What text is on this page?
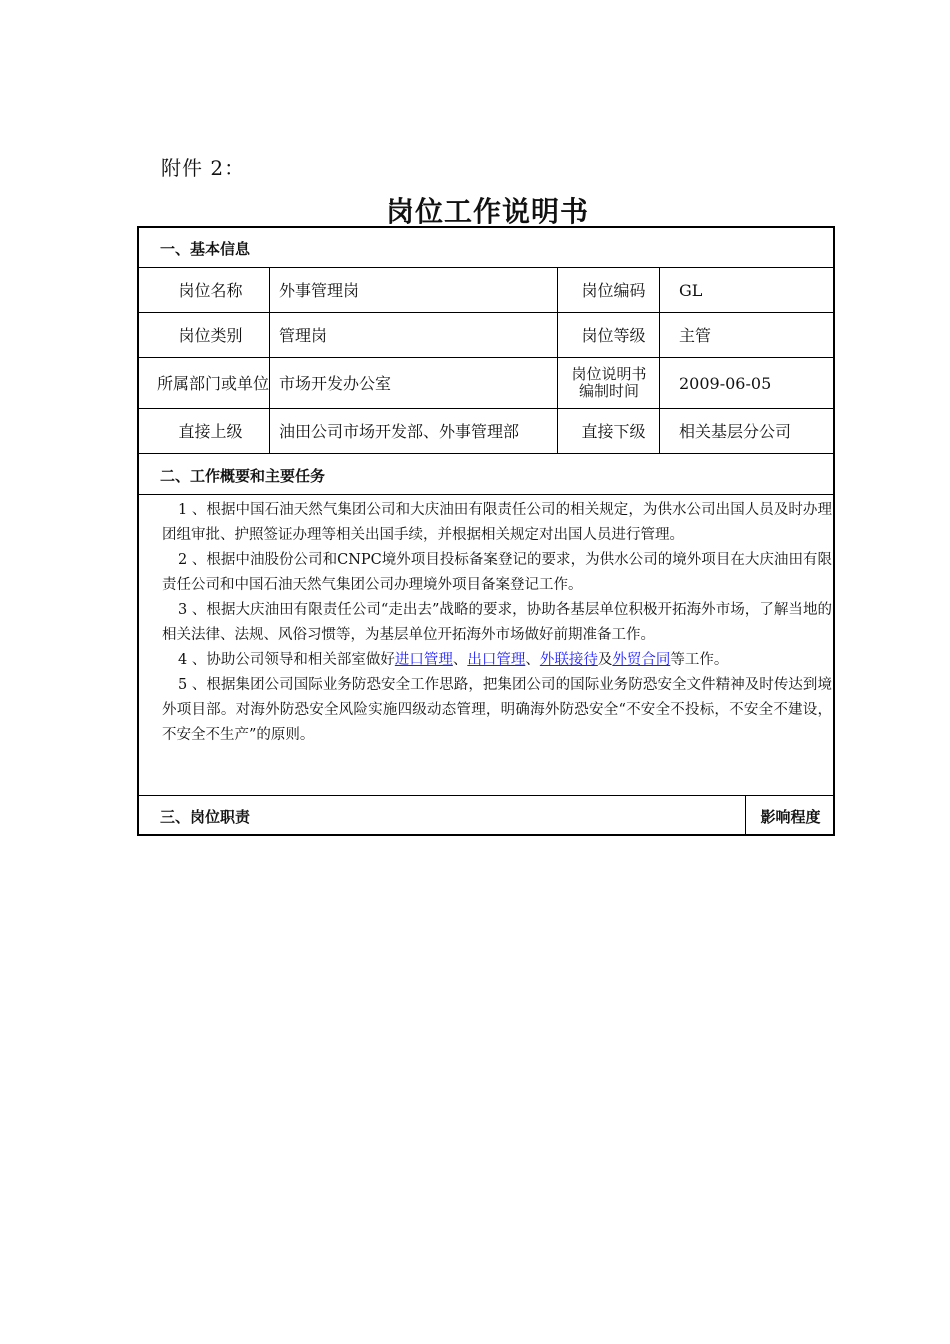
附件 2：
岗位工作说明书
一、基本信息
岗位名称	外事管理岗	岗位编码	GL
岗位类别	管理岗	岗位等级	主管
所属部门或单位 市场开发办公室	岗位说明书编制时间	2009-06-05
直接上级	油田公司市场开发部、外事管理部	直接下级	相关基层分公司
二、工作概要和主要任务

1 、根据中国石油天然气集团公司和大庆油田有限责任公司的相关规定，为供水公司出国人员及时办理团组审批、护照签证办理等相关出国手续，并根据相关规定对出国人员进行管理。

2 、根据中油股份公司和CNPC境外项目投标备案登记的要求，为供水公司的境外项目在大庆油田有限责任公司和中国石油天然气集团公司办理境外项目备案登记工作。

3 、根据大庆油田有限责任公司“走出去”战略的要求，协助各基层单位积极开拓海外市场，了解当地的相关法律、法规、风俗习惯等，为基层单位开拓海外市场做好前期准备工作。

4 、协助公司领导和相关部室做好进口管理、出口管理、外联接待及外贸合同等工作。

5 、根据集团公司国际业务防恐安全工作思路，把集团公司的国际业务防恐安全文件精神及时传达到境外项目部。对海外防恐安全风险实施四级动态管理，明确海外防恐安全“不安全不投标，不安全不建设，不安全不生产”的原则。

三、岗位职责	影响程度
